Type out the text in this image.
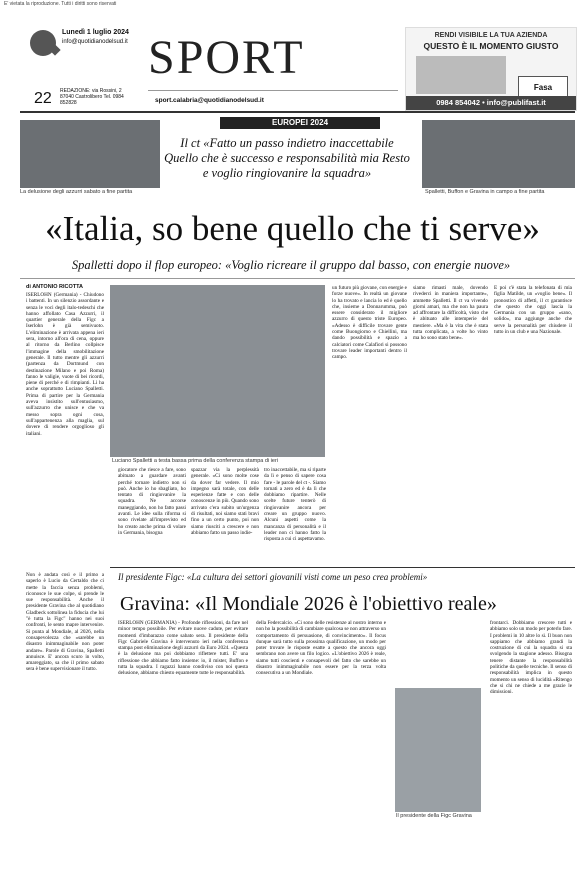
E' vietata la riproduzione. Tutti i diritti sono riservati
Lunedì 1 luglio 2024
info@quotidianodelsud.it
22 REDAZIONE: via Rossini, 2 87040 Castrolibero Tel. 0984 852828
SPORT
sport.calabria@quotidianodelsud.it
RENDI VISIBILE LA TUA AZIENDA
QUESTO È IL MOMENTO GIUSTO
Fasa
0984 854042 • info@publifast.it
EUROPEI 2024
La delusione degli azzurri sabato a fine partita
Il ct «Fatto un passo indietro inaccettabile Quello che è successo e responsabilità mia Resto e voglio ringiovanire la squadra»
Spalletti, Buffon e Gravina in campo a fine partita
«Italia, so bene quello che ti serve»
Spalletti dopo il flop europeo: «Voglio ricreare il gruppo dal basso, con energie nuove»
di ANTONIO RICOTTA

ISERLOHN (Germania) - Chiudono i battenti. In un silenzio assordante e senza le voci degli italo-tedeschi che hanno affollato Casa Azzurri, il quartier generale della Figc a Iserlohn è già semivuoto. L'eliminazione è arrivata appena ieri sera, intorno all'ora di cena, oppure al ritorno da Berlino collpisce l'immagine della smobilitazione generale. Il tutto mentre gli azzurri (partenza da Dortmund con destinazione Milano e poi Roma) fanno le valigie, vuote di bei ricordi, piene di perché e di rimpianti. Lì ha anche soprattutto Luciano Spalletti. Prima di partire per la Germania aveva insistito sull'entusiasmo, sull'azzurro che unisce e che va messo sopra ogni cosa, sull'appartenenza alla maglia, sul dovere di rendere orgoglioso gli italiani.

Non è andata così e il primo a saperlo è Lucio da Certaldo che ci mette la faccia senza problemi, riconosce le sue colpe, si prende le sue responsabilità. Anche il presidente Gravina che al quotidiano Gladbeck sottolinea la fiducia che lui "è tutta la Figc" hanno nei suoi confronti, le sento mapre intervenire. Si punta al Mondiale, al 2026, nella consapevolezza che «sarebbe un disastro inimmaginabile non poter andare». Parole di Gravina, Spalletti annuisce. E' ancora scuro in volto, amareggiato, sa che il primo sabato sera è bene supervisionare il tutto.

Luciano Spalletti a testa bassa prima della conferenza stampa di ieri

giocatore che riesce a fare, sono abituato a guardare avanti perché tornare indietro non si può. Anche io ho sbagliato, ho tentato di ringiovanire la squadra. Ne accorse maneggiando, non ho fatto passi avanti. Le idee sulla riforma si sono rivelate all'imprevisto ed ho creato anche prima di volare in Germania, bisogna

spazzar via la perplessità generale. «Ci sono molte cose da dover far vedere. Il mio impegno sarà totale, con delle esperienze fatte e con delle conoscenze in più. Quando sono arrivato c'era subito un'urgenza di risultati, noi siamo stati bravi fino a un certo punto, poi non siamo riusciti a crescere e non abbiamo fatto un passo indie-

tro inaccettabile, ma si riparte da lì e penso di sapere cosa fare - le parole del ct -. Siamo tornati a zero ed è da lì che dobbiamo ripartire. Nelle scelte future tenterò di ringiovanire ancora per creare un gruppo nuovo. Alcuni aspetti come la mancanza di personalità e il leader non ci hanno fatto la risposta a cui ci aspettavamo.

un futuro più giovane, con energie e forze nuove». In realtà un giovane lo ha trovato e lancia lo ed è quello che, insieme a Donnarumma, può essere considerato il migliore azzurro di questo triste Europeo. «Adesso è difficile trovare gente come Buongiorno e Chiellini, ma dando possibilità e spazio a calciatori come Calafiori si possono trovare leader importanti dentro il campo.

siamo rimasti male, dovendo rivederci in maniera importante», ammette Spalletti. Il ct va vivendo giorni amari, ma che non ha paura ad affrontare la difficoltà, visto che è abituato alle intemperie del mestiere. «Ma è la vita che è stata tutta complicata, a volte ho vinto ma ho sono stato bene».

E poi c'è stata la telefonata di mia figlia Matilde, un «voglio bene». Il pronostico di affetti, il ct garantisce che questo che oggi lascia la Germania con un gruppo «sano, solido», ma aggiunge anche che serve la personalità per chiudere il tutto in un club e una Nazionale.

Il presidente Figc: «La cultura dei settori giovanili visti come un peso crea problemi»
Gravina: «Il Mondiale 2026 è l'obiettivo reale»

ISERLOHN (GERMANIA) - Profonde riflessioni, da fare nel minor tempo possibile. Per evitare nuove cadute, per evitare momenti d'imbarazzo come sabato sera. Il presidente della Figc Gabriele Gravina è intervenuto ieri nella conferenza stampa post eliminazione degli azzurri da Euro 2024. «Questa è la delusione ma poi dobbiamo riflettere tutti. E' una riflessione che abbiamo fatto insieme: io, il mister, Buffon e tutta la squadra. I ragazzi hanno condiviso con noi questa delusione, abbiamo chiesto equamente tutte le responsabilità.

della Federcalcio. «Ci sono delle resistenze al nostro interno e non ho la possibilità di cambiare qualcosa se non attraverso un comportamento di persuasione, di convincimento». Il focus dunque sarà tutto sulla prossima qualificazione, un modo per poter trovare le risposte esatte a questo che ancora oggi sembrano non avere un filo logico. «L'obiettivo 2026 è reale, siamo tutti coscienti e consapevoli del fatto che sarebbe un disastro inimmaginabile non essere per la terza volta consecutiva a un Mondiale.

Il presidente della Figc Gravina

frontarci. Dobbiamo crescere tutti e abbiamo solo un modo per poterlo fare. I problemi in 10 altre lo sì. Il buon non sappiamo che abbiamo grandi la costruzione di cui la squadra si sta svolgendo la stagione adesso. Bisogna tenere distante la responsabilità politiche da quelle tecniche. Il senso di responsabilità implica in questo momento un senso di lucidità «Ritengo che si chi ne chiede a me grazie le dimissioni.
